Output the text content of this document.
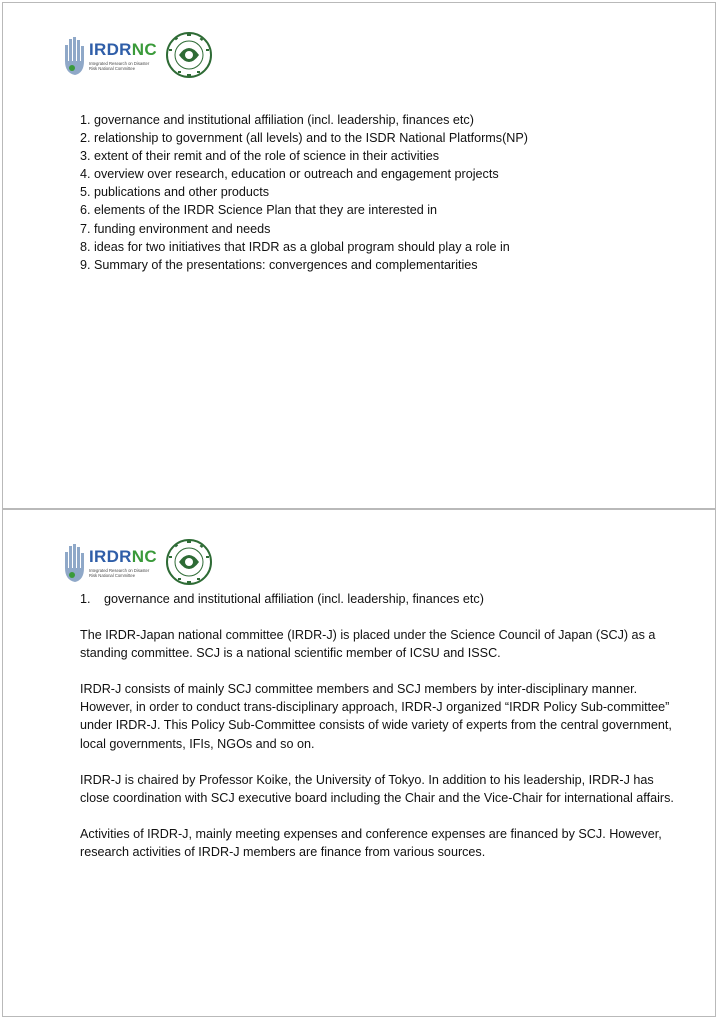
IRDRNC
Integrated Research on Disaster Risk National Committee
1. governance and institutional affiliation (incl. leadership, finances etc)
2. relationship to government (all levels) and to the ISDR National Platforms(NP)
3. extent of their remit and of the role of science in their activities
4. overview over research, education or outreach and engagement projects
5. publications and other products
6. elements of the IRDR Science Plan that they are interested in
7. funding environment and needs
8. ideas for two initiatives that IRDR as a global program should play a role in
9. Summary of the presentations: convergences and complementarities
IRDRNC
Integrated Research on Disaster Risk National Committee
1. governance and institutional affiliation (incl. leadership, finances etc)

The IRDR-Japan national committee (IRDR-J) is placed under the Science Council of Japan (SCJ) as a standing committee. SCJ is a national scientific member of ICSU and ISSC.

IRDR-J consists of mainly SCJ committee members and SCJ members by inter-disciplinary manner. However, in order to conduct trans-disciplinary approach, IRDR-J organized “IRDR Policy Sub-committee” under IRDR-J. This Policy Sub-Committee consists of wide variety of experts from the central government, local governments, IFIs, NGOs and so on.

IRDR-J is chaired by Professor Koike, the University of Tokyo. In addition to his leadership, IRDR-J has close coordination with SCJ executive board including the Chair and the Vice-Chair for international affairs.

Activities of IRDR-J, mainly meeting expenses and conference expenses are financed by SCJ. However, research activities of IRDR-J members are finance from various sources.
